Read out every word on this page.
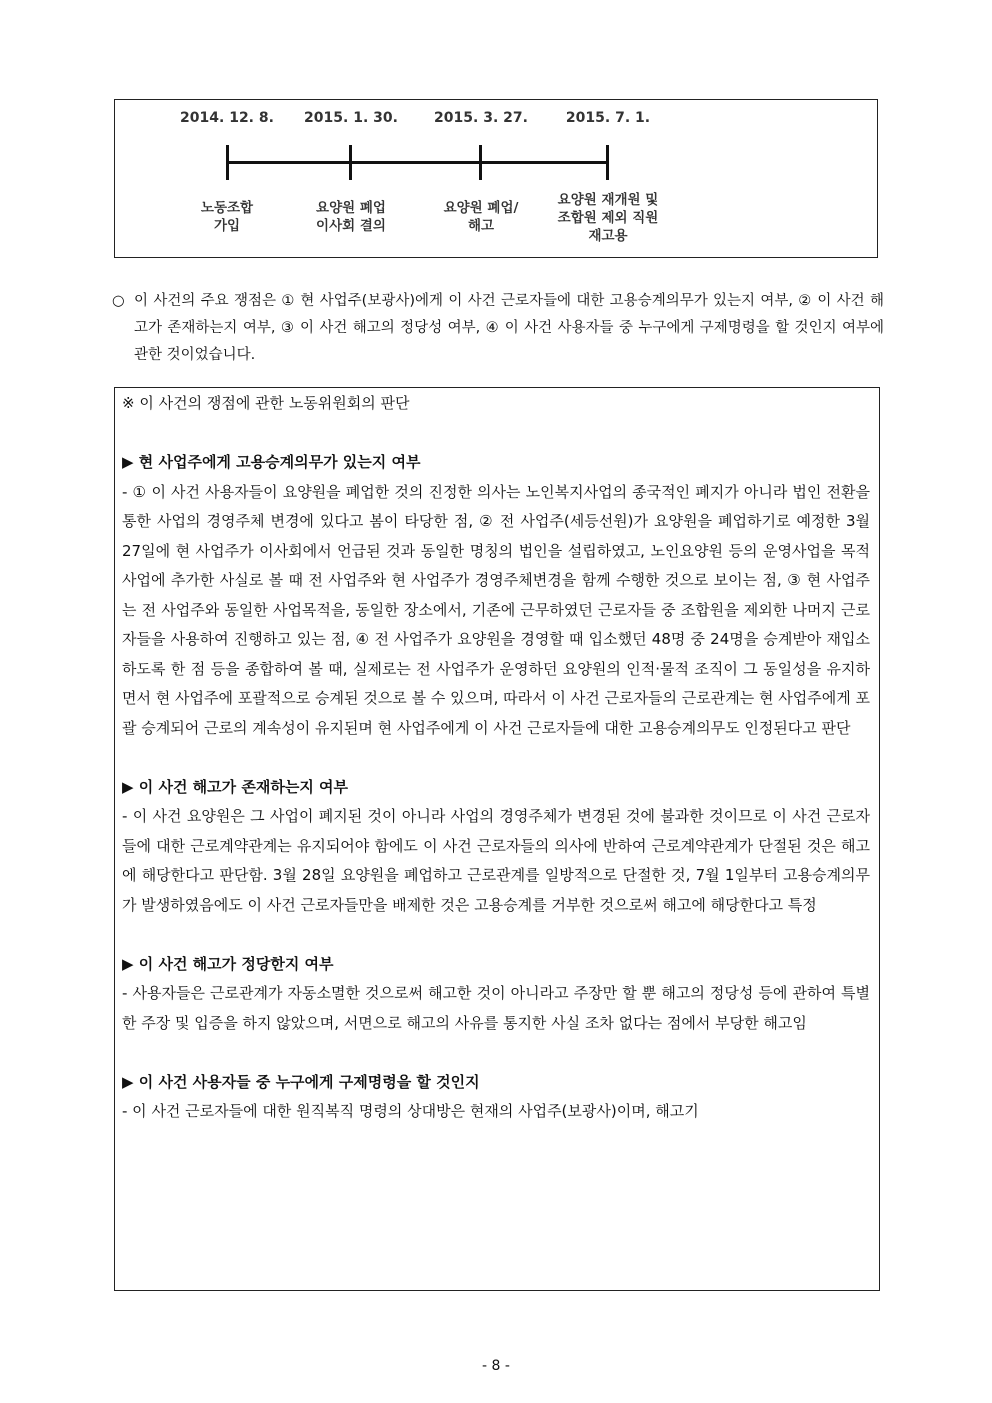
2014. 12. 8. 2015. 1. 30.	2015. 3. 27.	2015. 7. 1.
노동조합
가입
요양원 폐업
이사회 결의
요양원 폐업/
해고
요양원 재개원 및
조합원 제외 직원
재고용
○ 이 사건의 주요 쟁점은 ① 현 사업주(보광사)에게 이 사건 근로자들에 대한 고용승계의무가 있는지 여부, ② 이 사건 해고가 존재하는지 여부, ③ 이 사건 해고의 정당성 여부, ④ 이 사건 사용자들 중 누구에게 구제명령을 할 것인지 여부에 관한 것이었습니다.

※ 이 사건의 쟁점에 관한 노동위원회의 판단

▶ 현 사업주에게 고용승계의무가 있는지 여부

- ① 이 사건 사용자들이 요양원을 폐업한 것의 진정한 의사는 노인복지사업의 종국적인 폐지가 아니라 법인 전환을 통한 사업의 경영주체 변경에 있다고 봄이 타당한 점, ② 전 사업주(세등선원)가 요양원을 폐업하기로 예정한 3월 27일에 현 사업주가 이사회에서 언급된 것과 동일한 명칭의 법인을 설립하였고, 노인요양원 등의 운영사업을 목적사업에 추가한 사실로 볼 때 전 사업주와 현 사업주가 경영주체변경을 함께 수행한 것으로 보이는 점, ③ 현 사업주는 전 사업주와 동일한 사업목적을, 동일한 장소에서, 기존에 근무하였던 근로자들 중 조합원을 제외한 나머지 근로자들을 사용하여 진행하고 있는 점, ④ 전 사업주가 요양원을 경영할 때 입소했던 48명 중 24명을 승계받아 재입소하도록 한 점 등을 종합하여 볼 때, 실제로는 전 사업주가 운영하던 요양원의 인적·물적 조직이 그 동일성을 유지하면서 현 사업주에 포괄적으로 승계된 것으로 볼 수 있으며, 따라서 이 사건 근로자들의 근로관계는 현 사업주에게 포괄 승계되어 근로의 계속성이 유지된며 현 사업주에게 이 사건 근로자들에 대한 고용승계의무도 인정된다고 판단

▶ 이 사건 해고가 존재하는지 여부

- 이 사건 요양원은 그 사업이 폐지된 것이 아니라 사업의 경영주체가 변경된 것에 불과한 것이므로 이 사건 근로자들에 대한 근로계약관계는 유지되어야 함에도 이 사건 근로자들의 의사에 반하여 근로계약관계가 단절된 것은 해고에 해당한다고 판단함. 3월 28일 요양원을 폐업하고 근로관계를 일방적으로 단절한 것, 7월 1일부터 고용승계의무가 발생하였음에도 이 사건 근로자들만을 배제한 것은 고용승계를 거부한 것으로써 해고에 해당한다고 특정

▶ 이 사건 해고가 정당한지 여부

- 사용자들은 근로관계가 자동소멸한 것으로써 해고한 것이 아니라고 주장만 할 뿐 해고의 정당성 등에 관하여 특별한 주장 및 입증을 하지 않았으며, 서면으로 해고의 사유를 통지한 사실 조차 없다는 점에서 부당한 해고임

▶ 이 사건 사용자들 중 누구에게 구제명령을 할 것인지

- 이 사건 근로자들에 대한 원직복직 명령의 상대방은 현재의 사업주(보광사)이며, 해고기

- 8 -
